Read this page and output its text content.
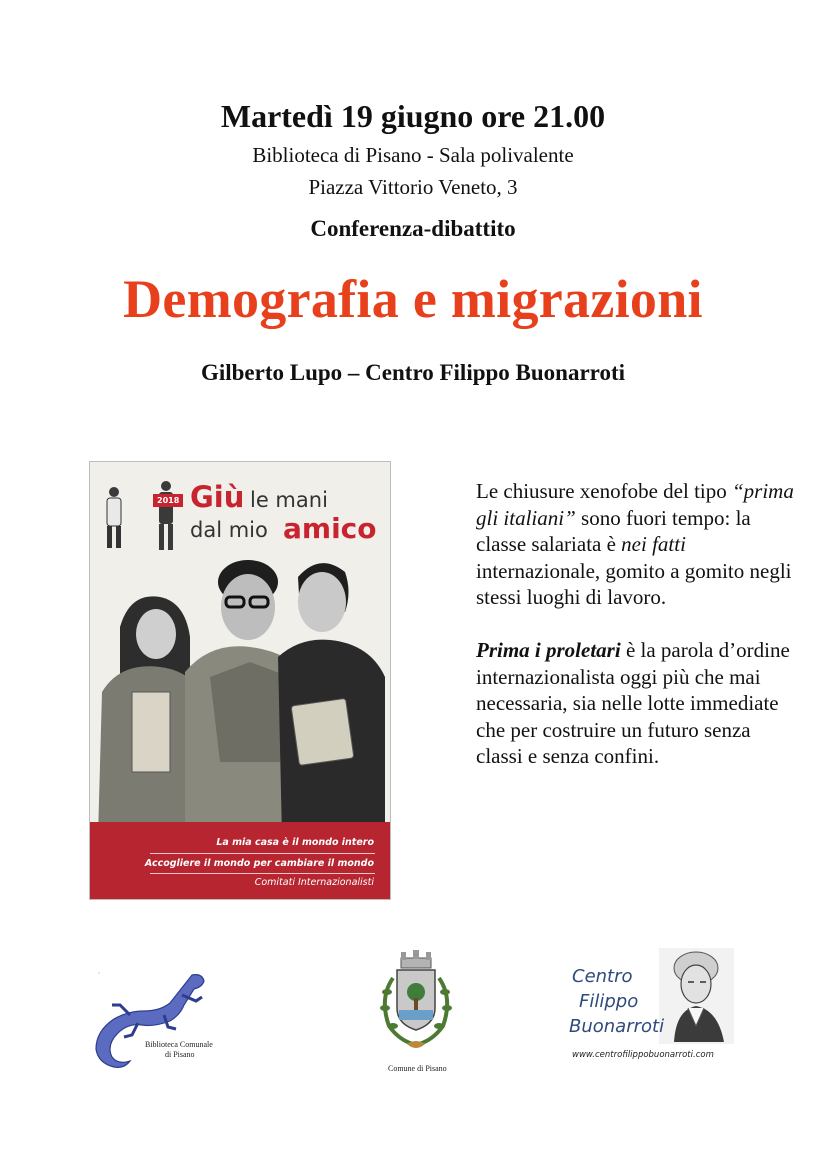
Martedì 19 giugno ore 21.00
Biblioteca di Pisano - Sala polivalente
Piazza Vittorio Veneto, 3
Conferenza-dibattito
Demografia e migrazioni
Gilberto Lupo – Centro Filippo Buonarroti
Giù le mani
dal mio amico
2018
La mia casa è il mondo intero
Accogliere il mondo per cambiare il mondo
Comitati Internazionalisti

Le chiusure xenofobe del tipo “prima gli italiani” sono fuori tempo: la classe salariata è nei fatti internazionale, gomito a gomito negli stessi luoghi di lavoro.

Prima i proletari è la parola d’ordine internazionalista oggi più che mai necessaria, sia nelle lotte immediate che per costruire un futuro senza classi e senza confini.

`
Biblioteca Comunale
di Pisano
Comune di Pisano
Centro
Filippo
Buonarroti
www.centrofilippobuonarroti.com
